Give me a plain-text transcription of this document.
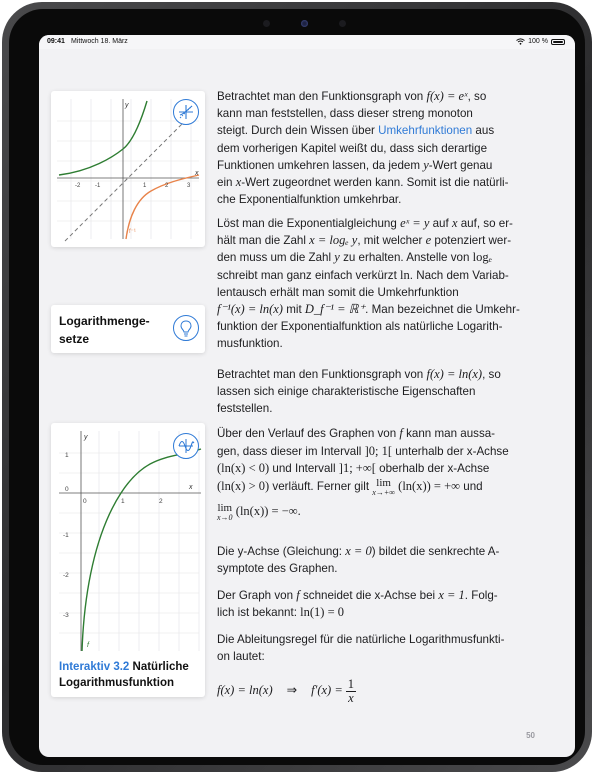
09:41 Mittwoch 18. März	100 %
-2 -1	1	2	3
x
y
f⁻¹
Logarithmenge-
setze
1
0
-1
-2
-3
0	1	2
x
y
f
Interaktiv 3.2 Natürliche Logarithmusfunktion
Betrachtet man den Funktionsgraph von f(x) = eˣ, so
kann man feststellen, dass dieser streng monoton
steigt. Durch dein Wissen über Umkehrfunktionen aus
dem vorherigen Kapitel weißt du, dass sich derartige
Funktionen umkehren lassen, da jedem y-Wert genau
ein x-Wert zugeordnet werden kann. Somit ist die natürli-
che Exponentialfunktion umkehrbar.
Löst man die Exponentialgleichung eˣ = y auf x auf, so er-
hält man die Zahl x = logₑ y, mit welcher e potenziert wer-
den muss um die Zahl y zu erhalten. Anstelle von logₑ
schreibt man ganz einfach verkürzt ln. Nach dem Variab-
lentausch erhält man somit die Umkehrfunktion
f⁻¹(x) = ln(x) mit D_f⁻¹ = ℝ⁺. Man bezeichnet die Umkehr-
funktion der Exponentialfunktion als natürliche Logarith-
musfunktion.
Betrachtet man den Funktionsgraph von f(x) = ln(x), so
lassen sich einige charakteristische Eigenschaften
feststellen.
Über den Verlauf des Graphen von f kann man aussa-
gen, dass dieser im Intervall ]0; 1[ unterhalb der x-Achse
(ln(x) < 0) und Intervall ]1; +∞[ oberhalb der x-Achse
(ln(x) > 0) verläuft. Ferner gilt lim
x→+∞ (ln(x)) = +∞ und
lim
x→0 (ln(x)) = −∞.
Die y-Achse (Gleichung: x = 0) bildet die senkrechte A-
symptote des Graphen.
Der Graph von f schneidet die x-Achse bei x = 1. Folg-
lich ist bekannt: ln(1) = 0
Die Ableitungsregel für die natürliche Logarithmusfunkti-
on lautet:
f(x) = ln(x) ⇒ $f'(x) = \frac{1}{x}$
50
